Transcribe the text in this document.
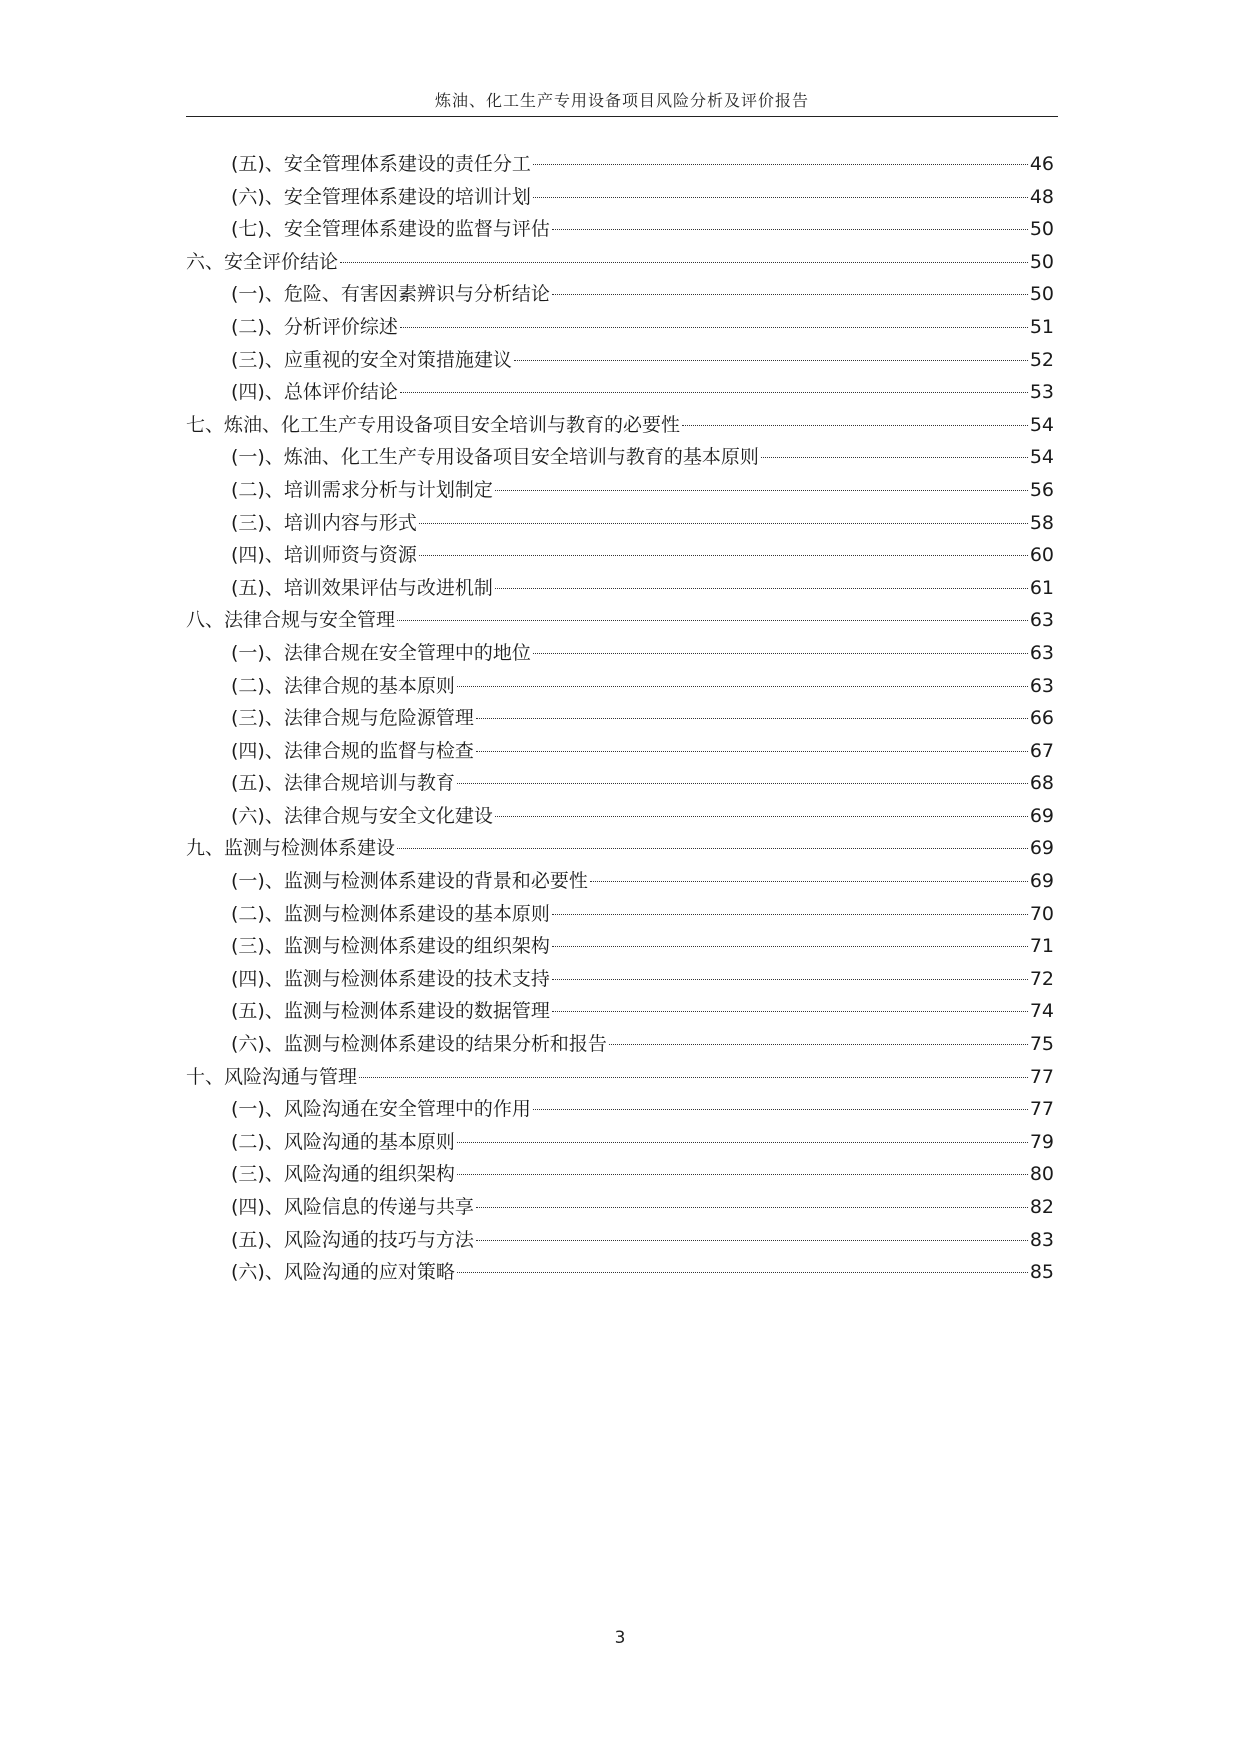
炼油、化工生产专用设备项目风险分析及评价报告
(五)、安全管理体系建设的责任分工	46
(六)、安全管理体系建设的培训计划	48
(七)、安全管理体系建设的监督与评估	50
六、安全评价结论	50
(一)、危险、有害因素辨识与分析结论	50
(二)、分析评价综述	51
(三)、应重视的安全对策措施建议	52
(四)、总体评价结论	53
七、炼油、化工生产专用设备项目安全培训与教育的必要性	54
(一)、炼油、化工生产专用设备项目安全培训与教育的基本原则	54
(二)、培训需求分析与计划制定	56
(三)、培训内容与形式	58
(四)、培训师资与资源	60
(五)、培训效果评估与改进机制	61
八、法律合规与安全管理	63
(一)、法律合规在安全管理中的地位	63
(二)、法律合规的基本原则	63
(三)、法律合规与危险源管理	66
(四)、法律合规的监督与检查	67
(五)、法律合规培训与教育	68
(六)、法律合规与安全文化建设	69
九、监测与检测体系建设	69
(一)、监测与检测体系建设的背景和必要性	69
(二)、监测与检测体系建设的基本原则	70
(三)、监测与检测体系建设的组织架构	71
(四)、监测与检测体系建设的技术支持	72
(五)、监测与检测体系建设的数据管理	74
(六)、监测与检测体系建设的结果分析和报告	75
十、风险沟通与管理	77
(一)、风险沟通在安全管理中的作用	77
(二)、风险沟通的基本原则	79
(三)、风险沟通的组织架构	80
(四)、风险信息的传递与共享	82
(五)、风险沟通的技巧与方法	83
(六)、风险沟通的应对策略	85
3
